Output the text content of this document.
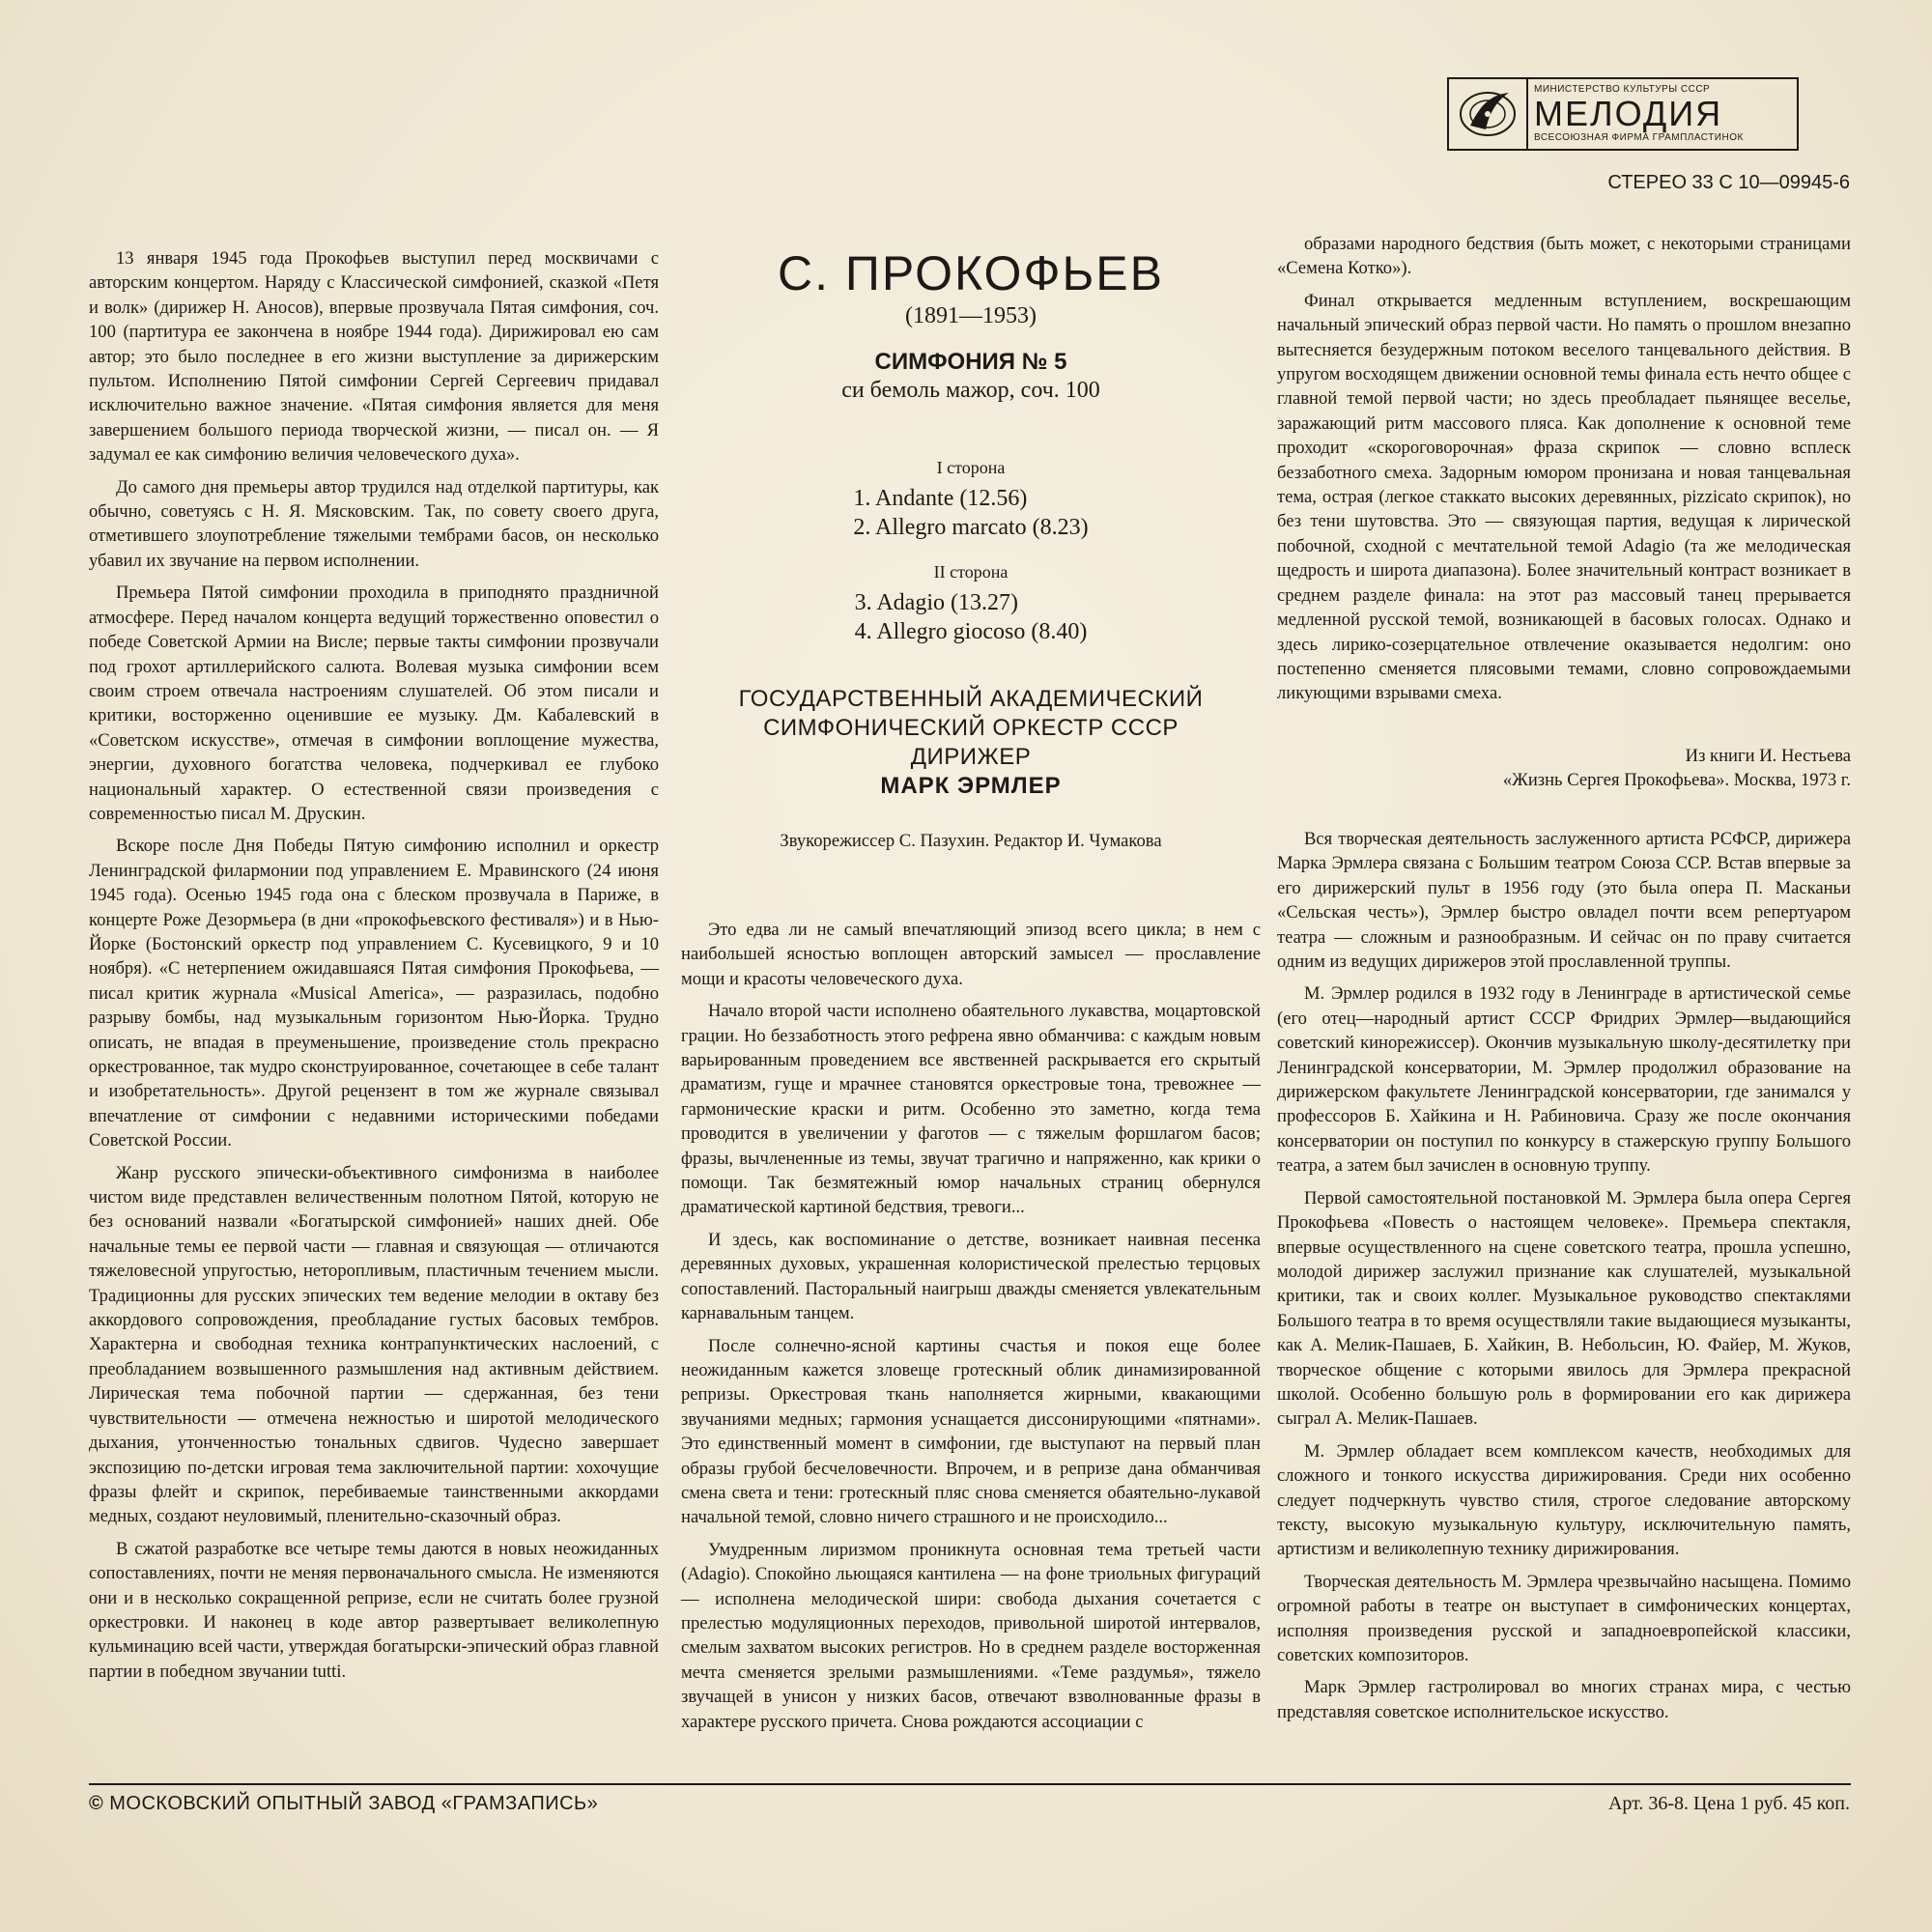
МИНИСТЕРСТВО КУЛЬТУРЫ СССР
МЕЛОДИЯ
ВСЕСОЮЗНАЯ ФИРМА ГРАМПЛАСТИНОК
СТЕРЕО 33 С 10—09945-6

13 января 1945 года Прокофьев выступил перед москвичами с авторским концертом. Наряду с Классической симфонией, сказкой «Петя и волк» (дирижер Н. Аносов), впервые прозвучала Пятая симфония, соч. 100 (партитура ее закончена в ноябре 1944 года). Дирижировал ею сам автор; это было последнее в его жизни выступление за дирижерским пультом. Исполнению Пятой симфонии Сергей Сергеевич придавал исключительно важное значение. «Пятая симфония является для меня завершением большого периода творческой жизни, — писал он. — Я задумал ее как симфонию величия человеческого духа».

До самого дня премьеры автор трудился над отделкой партитуры, как обычно, советуясь с Н. Я. Мясковским. Так, по совету своего друга, отметившего злоупотребление тяжелыми тембрами басов, он несколько убавил их звучание на первом исполнении.

Премьера Пятой симфонии проходила в приподнято праздничной атмосфере. Перед началом концерта ведущий торжественно оповестил о победе Советской Армии на Висле; первые такты симфонии прозвучали под грохот артиллерийского салюта. Волевая музыка симфонии всем своим строем отвечала настроениям слушателей. Об этом писали и критики, восторженно оценившие ее музыку. Дм. Кабалевский в «Советском искусстве», отмечая в симфонии воплощение мужества, энергии, духовного богатства человека, подчеркивал ее глубоко национальный характер. О естественной связи произведения с современностью писал М. Друскин.

Вскоре после Дня Победы Пятую симфонию исполнил и оркестр Ленинградской филармонии под управлением Е. Мравинского (24 июня 1945 года). Осенью 1945 года она с блеском прозвучала в Париже, в концерте Роже Дезормьера (в дни «прокофьевского фестиваля») и в Нью-Йорке (Бостонский оркестр под управлением С. Кусевицкого, 9 и 10 ноября). «С нетерпением ожидавшаяся Пятая симфония Прокофьева, — писал критик журнала «Musical America», — разразилась, подобно разрыву бомбы, над музыкальным горизонтом Нью-Йорка. Трудно описать, не впадая в преуменьшение, произведение столь прекрасно оркестрованное, так мудро сконструированное, сочетающее в себе талант и изобретательность». Другой рецензент в том же журнале связывал впечатление от симфонии с недавними историческими победами Советской России.

Жанр русского эпически-объективного симфонизма в наиболее чистом виде представлен величественным полотном Пятой, которую не без оснований назвали «Богатырской симфонией» наших дней. Обе начальные темы ее первой части — главная и связующая — отличаются тяжеловесной упругостью, неторопливым, пластичным течением мысли. Традиционны для русских эпических тем ведение мелодии в октаву без аккордового сопровождения, преобладание густых басовых тембров. Характерна и свободная техника контрапунктических наслоений, с преобладанием возвышенного размышления над активным действием. Лирическая тема побочной партии — сдержанная, без тени чувствительности — отмечена нежностью и широтой мелодического дыхания, утонченностью тональных сдвигов. Чудесно завершает экспозицию по-детски игровая тема заключительной партии: хохочущие фразы флейт и скрипок, перебиваемые таинственными аккордами медных, создают неуловимый, пленительно-сказочный образ.

В сжатой разработке все четыре темы даются в новых неожиданных сопоставлениях, почти не меняя первоначального смысла. Не изменяются они и в несколько сокращенной репризе, если не считать более грузной оркестровки. И наконец в коде автор развертывает великолепную кульминацию всей части, утверждая богатырски-эпический образ главной партии в победном звучании tutti.

С. ПРОКОФЬЕВ
(1891—1953)
СИМФОНИЯ № 5
си бемоль мажор, соч. 100
I сторона
1. Andante (12.56)
2. Allegro marcato (8.23)
II сторона
3. Adagio (13.27)
4. Allegro giocoso (8.40)
ГОСУДАРСТВЕННЫЙ АКАДЕМИЧЕСКИЙ
СИМФОНИЧЕСКИЙ ОРКЕСТР СССР
ДИРИЖЕР
МАРК ЭРМЛЕР
Звукорежиссер С. Пазухин. Редактор И. Чумакова

Это едва ли не самый впечатляющий эпизод всего цикла; в нем с наибольшей ясностью воплощен авторский замысел — прославление мощи и красоты человеческого духа.

Начало второй части исполнено обаятельного лукавства, моцартовской грации. Но беззаботность этого рефрена явно обманчива: с каждым новым варьированным проведением все явственней раскрывается его скрытый драматизм, гуще и мрачнее становятся оркестровые тона, тревожнее — гармонические краски и ритм. Особенно это заметно, когда тема проводится в увеличении у фаготов — с тяжелым форшлагом басов; фразы, вычлененные из темы, звучат трагично и напряженно, как крики о помощи. Так безмятежный юмор начальных страниц обернулся драматической картиной бедствия, тревоги...

И здесь, как воспоминание о детстве, возникает наивная песенка деревянных духовых, украшенная колористической прелестью терцовых сопоставлений. Пасторальный наигрыш дважды сменяется увлекательным карнавальным танцем.

После солнечно-ясной картины счастья и покоя еще более неожиданным кажется зловеще гротескный облик динамизированной репризы. Оркестровая ткань наполняется жирными, квакающими звучаниями медных; гармония уснащается диссонирующими «пятнами». Это единственный момент в симфонии, где выступают на первый план образы грубой бесчеловечности. Впрочем, и в репризе дана обманчивая смена света и тени: гротескный пляс снова сменяется обаятельно-лукавой начальной темой, словно ничего страшного и не происходило...

Умудренным лиризмом проникнута основная тема третьей части (Adagio). Спокойно льющаяся кантилена — на фоне триольных фигураций — исполнена мелодической шири: свобода дыхания сочетается с прелестью модуляционных переходов, привольной широтой интервалов, смелым захватом высоких регистров. Но в среднем разделе восторженная мечта сменяется зрелыми размышлениями. «Теме раздумья», тяжело звучащей в унисон у низких басов, отвечают взволнованные фразы в характере русского причета. Снова рождаются ассоциации с

образами народного бедствия (быть может, с некоторыми страницами «Семена Котко»).

Финал открывается медленным вступлением, воскрешающим начальный эпический образ первой части. Но память о прошлом внезапно вытесняется безудержным потоком веселого танцевального действия. В упругом восходящем движении основной темы финала есть нечто общее с главной темой первой части; но здесь преобладает пьянящее веселье, заражающий ритм массового пляса. Как дополнение к основной теме проходит «скороговорочная» фраза скрипок — словно всплеск беззаботного смеха. Задорным юмором пронизана и новая танцевальная тема, острая (легкое стаккато высоких деревянных, pizzicato скрипок), но без тени шутовства. Это — связующая партия, ведущая к лирической побочной, сходной с мечтательной темой Adagio (та же мелодическая щедрость и широта диапазона). Более значительный контраст возникает в среднем разделе финала: на этот раз массовый танец прерывается медленной русской темой, возникающей в басовых голосах. Однако и здесь лирико-созерцательное отвлечение оказывается недолгим: оно постепенно сменяется плясовыми темами, словно сопровождаемыми ликующими взрывами смеха.

Из книги И. Нестьева

«Жизнь Сергея Прокофьева». Москва, 1973 г.

Вся творческая деятельность заслуженного артиста РСФСР, дирижера Марка Эрмлера связана с Большим театром Союза ССР. Встав впервые за его дирижерский пульт в 1956 году (это была опера П. Масканьи «Сельская честь»), Эрмлер быстро овладел почти всем репертуаром театра — сложным и разнообразным. И сейчас он по праву считается одним из ведущих дирижеров этой прославленной труппы.

М. Эрмлер родился в 1932 году в Ленинграде в артистической семье (его отец—народный артист СССР Фридрих Эрмлер—выдающийся советский кинорежиссер). Окончив музыкальную школу-десятилетку при Ленинградской консерватории, М. Эрмлер продолжил образование на дирижерском факультете Ленинградской консерватории, где занимался у профессоров Б. Хайкина и Н. Рабиновича. Сразу же после окончания консерватории он поступил по конкурсу в стажерскую группу Большого театра, а затем был зачислен в основную труппу.

Первой самостоятельной постановкой М. Эрмлера была опера Сергея Прокофьева «Повесть о настоящем человеке». Премьера спектакля, впервые осуществленного на сцене советского театра, прошла успешно, молодой дирижер заслужил признание как слушателей, музыкальной критики, так и своих коллег. Музыкальное руководство спектаклями Большого театра в то время осуществляли такие выдающиеся музыканты, как А. Мелик-Пашаев, Б. Хайкин, В. Небольсин, Ю. Файер, М. Жуков, творческое общение с которыми явилось для Эрмлера прекрасной школой. Особенно большую роль в формировании его как дирижера сыграл А. Мелик-Пашаев.

М. Эрмлер обладает всем комплексом качеств, необходимых для сложного и тонкого искусства дирижирования. Среди них особенно следует подчеркнуть чувство стиля, строгое следование авторскому тексту, высокую музыкальную культуру, исключительную память, артистизм и великолепную технику дирижирования.

Творческая деятельность М. Эрмлера чрезвычайно насыщена. Помимо огромной работы в театре он выступает в симфонических концертах, исполняя произведения русской и западноевропейской классики, советских композиторов.

Марк Эрмлер гастролировал во многих странах мира, с честью представляя советское исполнительское искусство.

© МОСКОВСКИЙ ОПЫТНЫЙ ЗАВОД «ГРАМЗАПИСЬ»	Арт. 36-8. Цена 1 руб. 45 коп.
